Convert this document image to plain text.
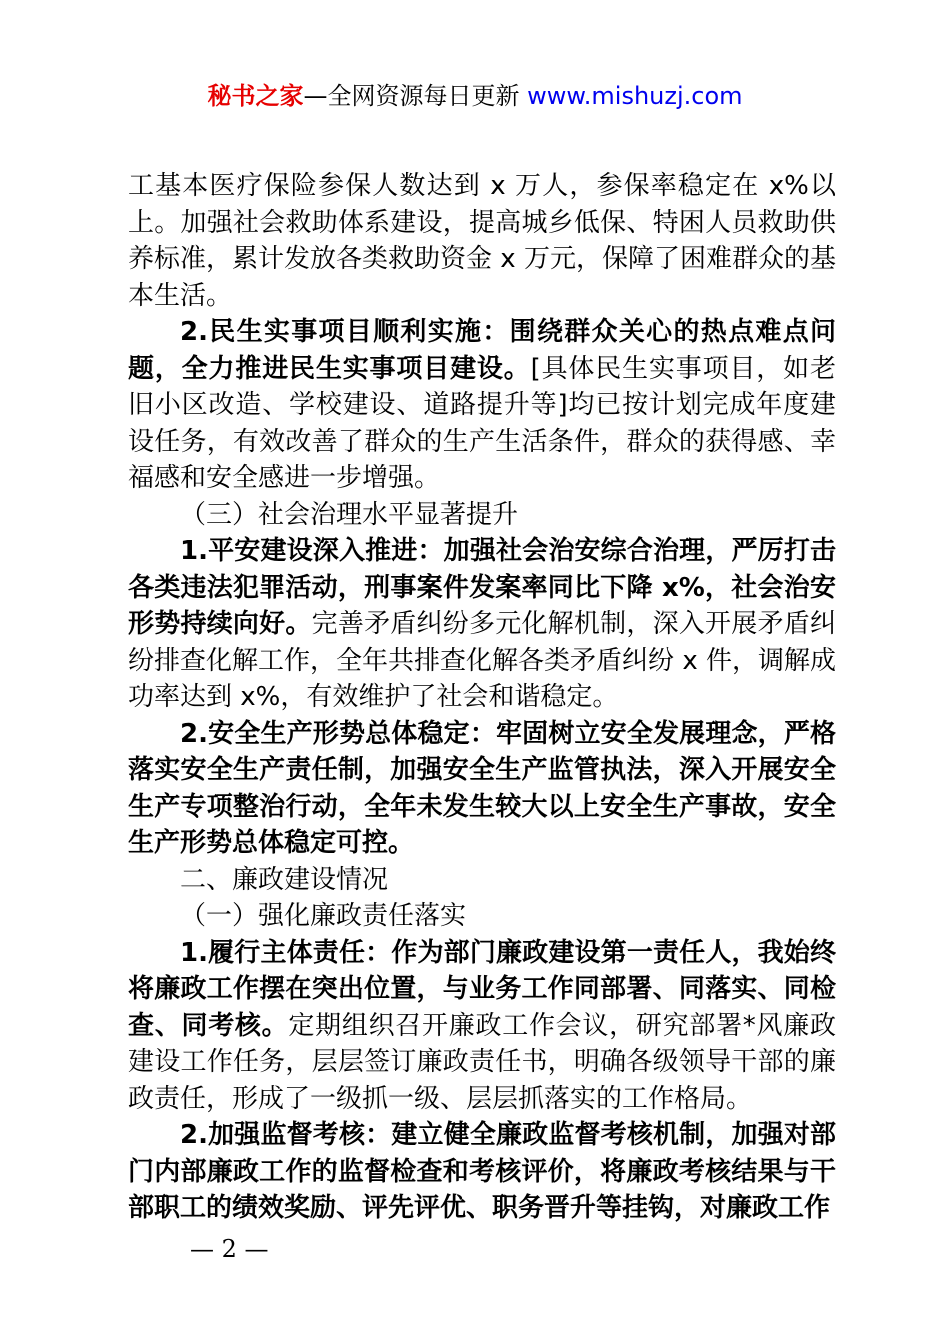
秘书之家—全网资源每日更新 www.mishuzj.com

工基本医疗保险参保人数达到 x 万人，参保率稳定在 x%以上。加强社会救助体系建设，提高城乡低保、特困人员救助供养标准，累计发放各类救助资金 x 万元，保障了困难群众的基本生活。

2.民生实事项目顺利实施：围绕群众关心的热点难点问题，全力推进民生实事项目建设。[具体民生实事项目，如老旧小区改造、学校建设、道路提升等]均已按计划完成年度建设任务，有效改善了群众的生产生活条件，群众的获得感、幸福感和安全感进一步增强。

（三）社会治理水平显著提升

1.平安建设深入推进：加强社会治安综合治理，严厉打击各类违法犯罪活动，刑事案件发案率同比下降 x%，社会治安形势持续向好。完善矛盾纠纷多元化解机制，深入开展矛盾纠纷排查化解工作，全年共排查化解各类矛盾纠纷 x 件，调解成功率达到 x%，有效维护了社会和谐稳定。

2.安全生产形势总体稳定：牢固树立安全发展理念，严格落实安全生产责任制，加强安全生产监管执法，深入开展安全生产专项整治行动，全年未发生较大以上安全生产事故，安全生产形势总体稳定可控。

二、廉政建设情况

（一）强化廉政责任落实

1.履行主体责任：作为部门廉政建设第一责任人，我始终将廉政工作摆在突出位置，与业务工作同部署、同落实、同检查、同考核。定期组织召开廉政工作会议，研究部署*风廉政建设工作任务，层层签订廉政责任书，明确各级领导干部的廉政责任，形成了一级抓一级、层层抓落实的工作格局。

2.加强监督考核：建立健全廉政监督考核机制，加强对部门内部廉政工作的监督检查和考核评价，将廉政考核结果与干部职工的绩效奖励、评先评优、职务晋升等挂钩，对廉政工作

— 2 —
